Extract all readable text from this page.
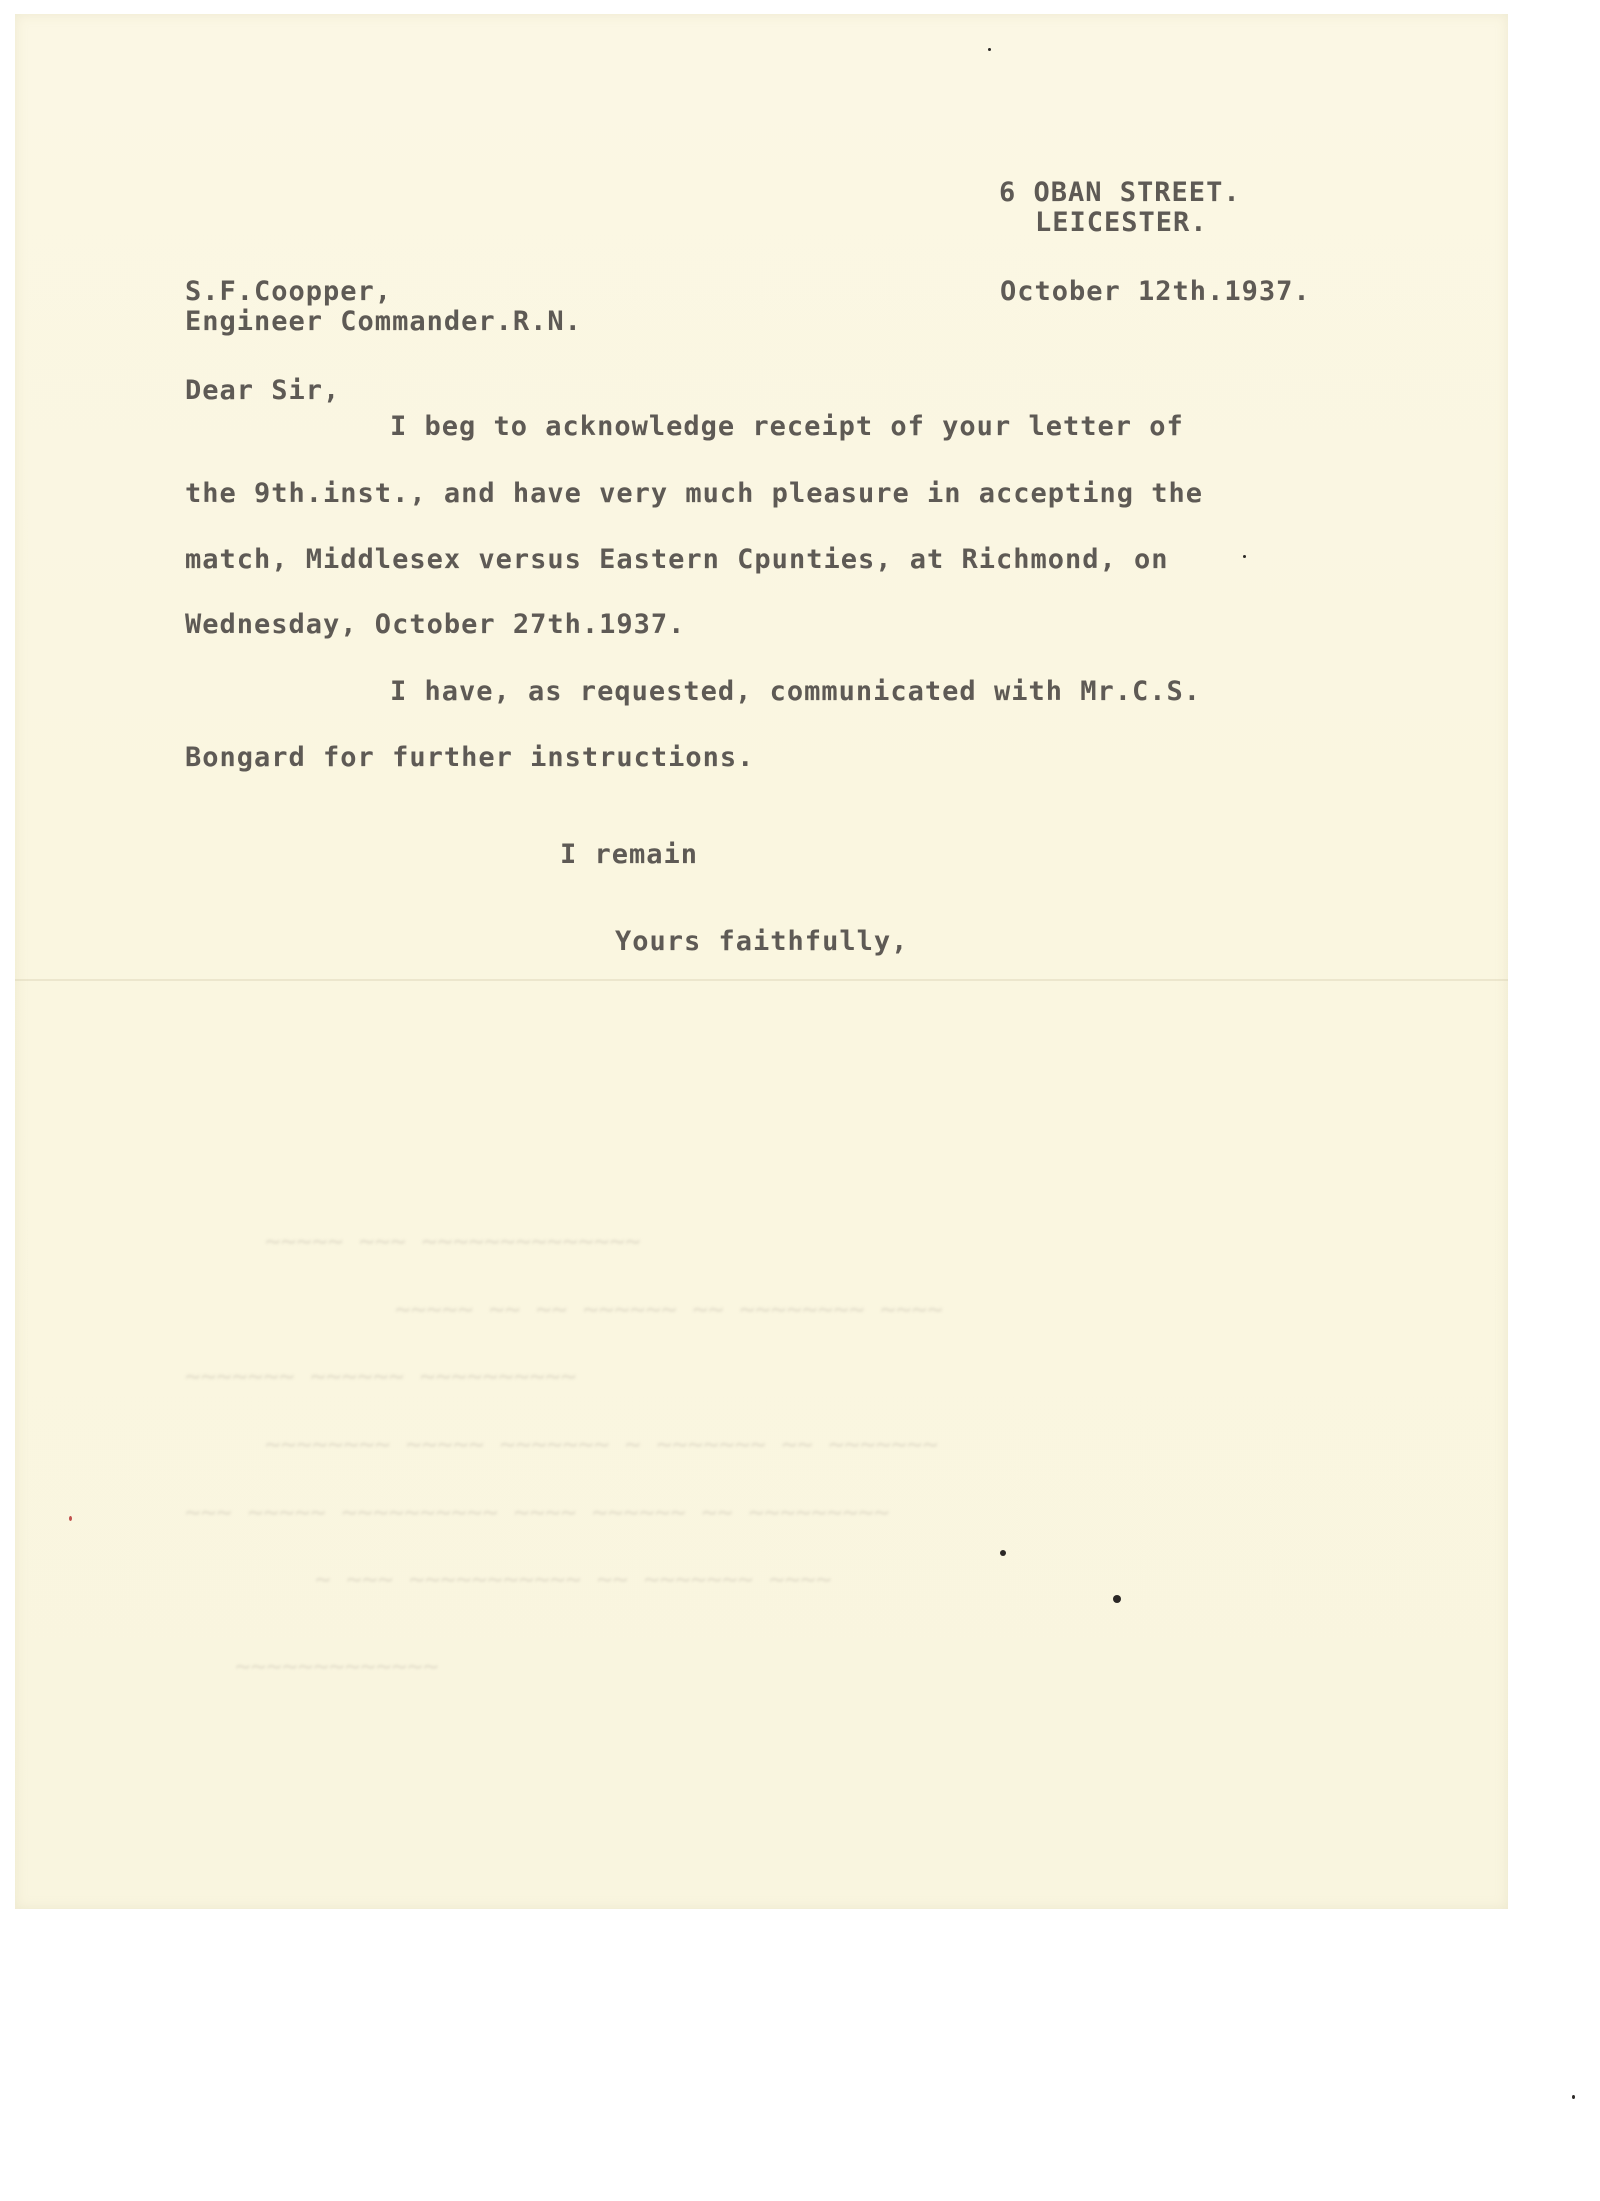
~~~~~ ~~~ ~~~~~~~~~~~~~~
~~~~~ ~~ ~~ ~~~~~~ ~~ ~~~~~~~~ ~~~~
~~~~~~~ ~~~~~~ ~~~~~~~~~~
~~~~~~~~ ~~~~~ ~~~~~~~ ~ ~~~~~~~ ~~ ~~~~~~~
~~~ ~~~~~ ~~~~~~~~~~ ~~~~ ~~~~~~ ~~ ~~~~~~~~~
~ ~~~ ~~~~~~~~~~~ ~~ ~~~~~~~ ~~~~
~~~~~~~~~~~~~
6 OBAN STREET.
LEICESTER.
S.F.Coopper,	October 12th.1937.
Engineer Commander.R.N.
Dear Sir,
I beg to acknowledge receipt of your letter of
the 9th.inst., and have very much pleasure in accepting the
match, Middlesex versus Eastern Cpunties, at Richmond, on
Wednesday, October 27th.1937.
I have, as requested, communicated with Mr.C.S.
Bongard for further instructions.
I remain
Yours faithfully,
